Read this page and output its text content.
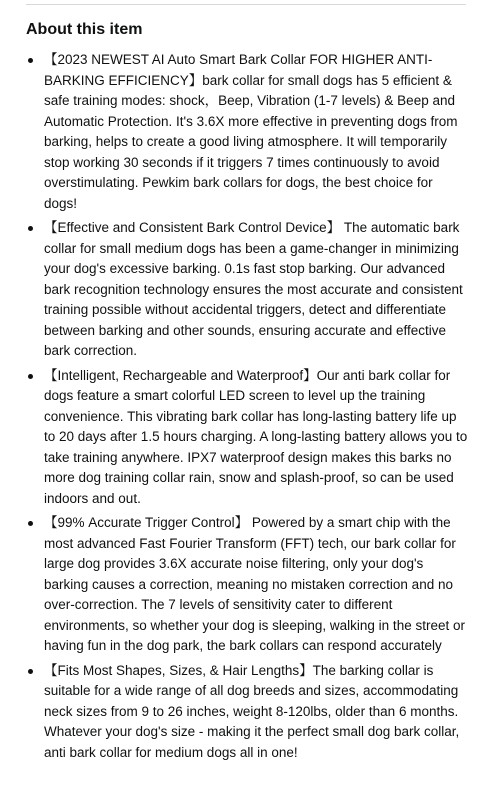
About this item
【2023 NEWEST AI Auto Smart Bark Collar FOR HIGHER ANTI-BARKING EFFICIENCY】bark collar for small dogs has 5 efficient & safe training modes: shock，Beep, Vibration (1-7 levels) & Beep and Automatic Protection. It's 3.6X more effective in preventing dogs from barking, helps to create a good living atmosphere. It will temporarily stop working 30 seconds if it triggers 7 times continuously to avoid overstimulating. Pewkim bark collars for dogs, the best choice for dogs!
【Effective and Consistent Bark Control Device】 The automatic bark collar for small medium dogs has been a game-changer in minimizing your dog's excessive barking. 0.1s fast stop barking. Our advanced bark recognition technology ensures the most accurate and consistent training possible without accidental triggers, detect and differentiate between barking and other sounds, ensuring accurate and effective bark correction.
【Intelligent, Rechargeable and Waterproof】Our anti bark collar for dogs feature a smart colorful LED screen to level up the training convenience. This vibrating bark collar has long-lasting battery life up to 20 days after 1.5 hours charging. A long-lasting battery allows you to take training anywhere. IPX7 waterproof design makes this barks no more dog training collar rain, snow and splash-proof, so can be used indoors and out.
【99% Accurate Trigger Control】 Powered by a smart chip with the most advanced Fast Fourier Transform (FFT) tech, our bark collar for large dog provides 3.6X accurate noise filtering, only your dog's barking causes a correction, meaning no mistaken correction and no over-correction. The 7 levels of sensitivity cater to different environments, so whether your dog is sleeping, walking in the street or having fun in the dog park, the bark collars can respond accurately
【Fits Most Shapes, Sizes, & Hair Lengths】The barking collar is suitable for a wide range of all dog breeds and sizes, accommodating neck sizes from 9 to 26 inches, weight 8-120lbs, older than 6 months. Whatever your dog's size - making it the perfect small dog bark collar, anti bark collar for medium dogs all in one!
